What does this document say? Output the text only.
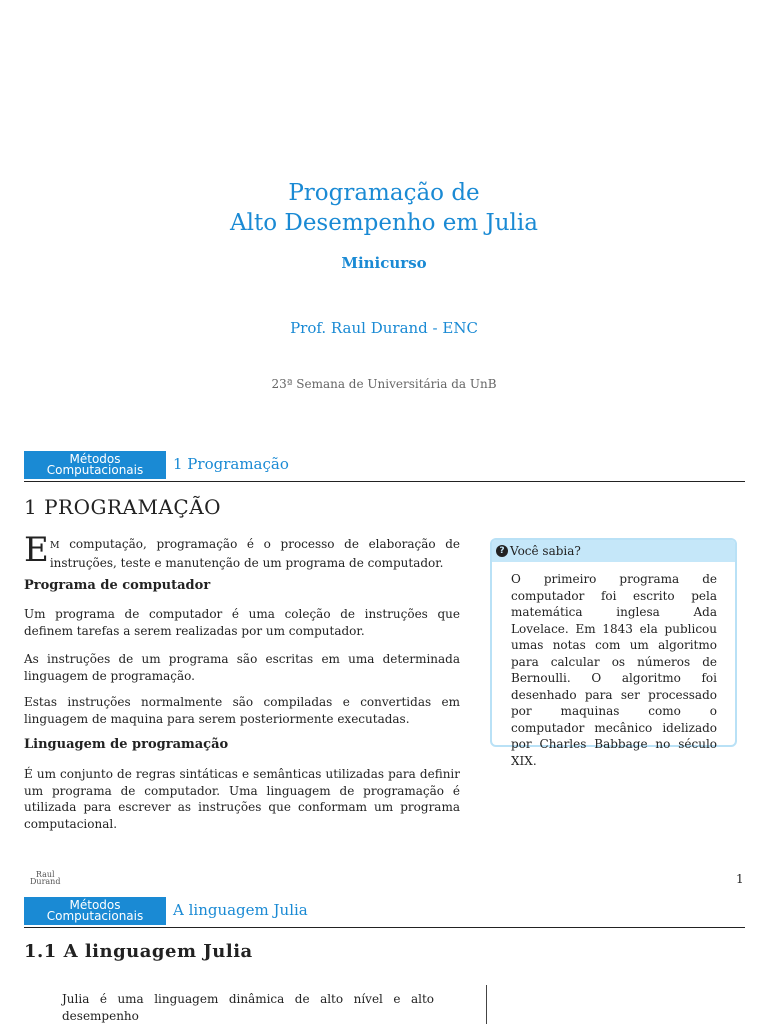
Programação de
Alto Desempenho em Julia
Minicurso
Prof. Raul Durand - ENC
23ª Semana de Universitária da UnB
Métodos
Computacionais	1 Programação
1 PROGRAMAÇÃO
E M computação, programação é o processo de elaboração de instruções, teste e manutenção de um programa de computador.
Programa de computador
Um programa de computador é uma coleção de instruções que definem tarefas a serem realizadas por um computador.
As instruções de um programa são escritas em uma determinada linguagem de programação.
Estas instruções normalmente são compiladas e convertidas em linguagem de maquina para serem posteriormente executadas.
Linguagem de programação
É um conjunto de regras sintáticas e semânticas utilizadas para definir um programa de computador. Uma linguagem de programação é utilizada para escrever as instruções que conformam um programa computacional.
? Você sabia?
O primeiro programa de computador foi escrito pela matemática inglesa Ada Lovelace. Em 1843 ela publicou umas notas com um algoritmo para calcular os números de Bernoulli. O algoritmo foi desenhado para ser processado por maquinas como o computador mecânico idelizado por Charles Babbage no século XIX.
Raul
Durand	1
Métodos
Computacionais	A linguagem Julia
1.1 A linguagem Julia
Julia é uma linguagem dinâmica de alto nível e alto desempenho
